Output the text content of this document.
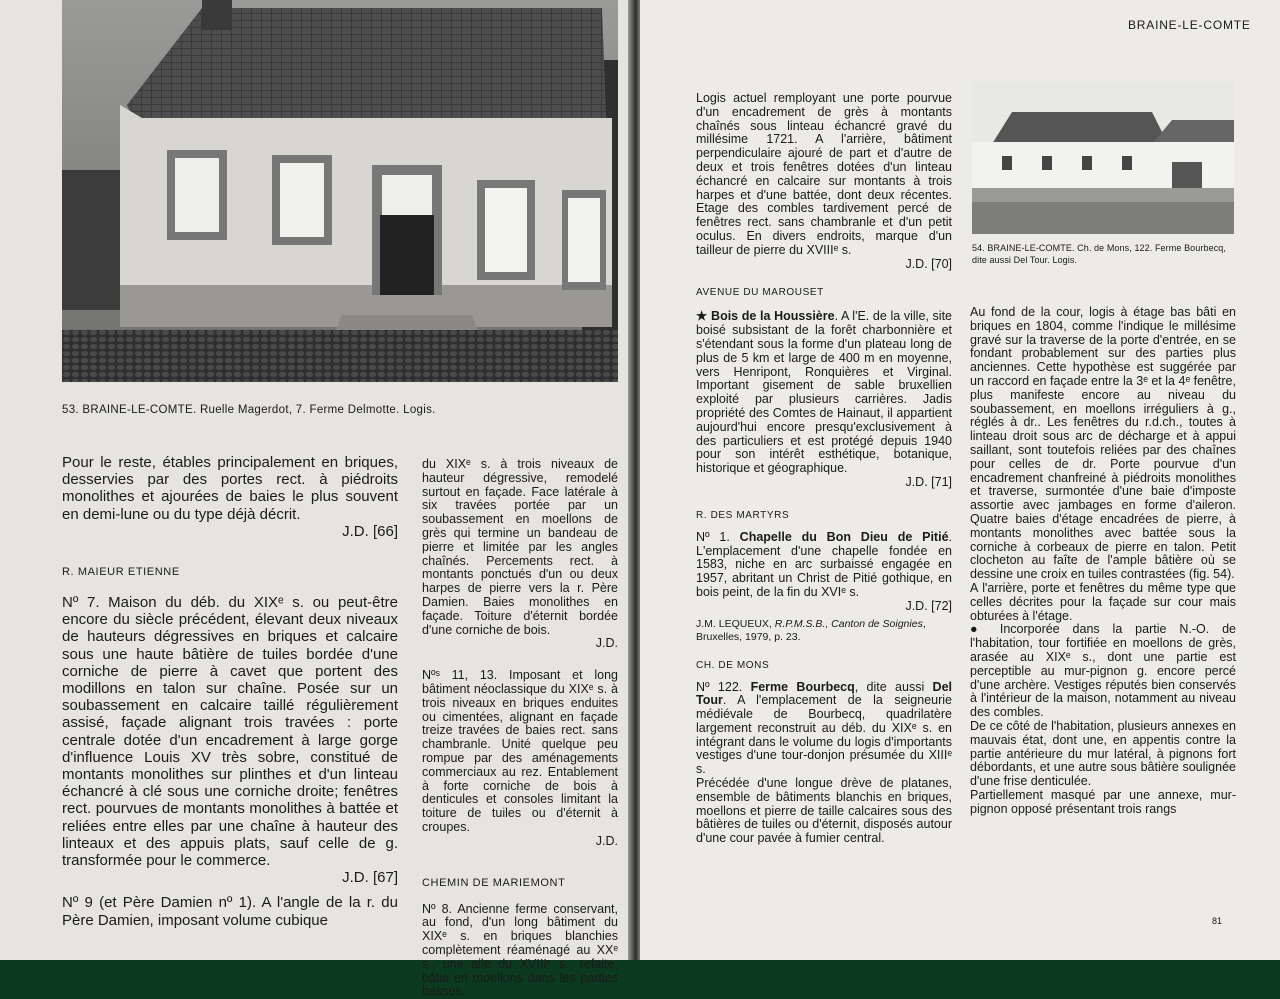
53. BRAINE-LE-COMTE. Ruelle Magerdot, 7. Ferme Delmotte. Logis.
Pour le reste, étables principalement en briques, desservies par des portes rect. à piédroits monolithes et ajourées de baies le plus souvent en demi-lune ou du type déjà décrit.
J.D. [66]
R. MAIEUR ETIENNE
Nº 7. Maison du déb. du XIXᵉ s. ou peut-être encore du siècle précédent, élevant deux niveaux de hauteurs dégressives en briques et calcaire sous une haute bâtière de tuiles bordée d'une corniche de pierre à cavet que portent des modillons en talon sur chaîne. Posée sur un soubassement en calcaire taillé régulièrement assisé, façade alignant trois travées : porte centrale dotée d'un encadrement à large gorge d'influence Louis XV très sobre, constitué de montants monolithes sur plinthes et d'un linteau échancré à clé sous une corniche droite; fenêtres rect. pourvues de montants monolithes à battée et reliées entre elles par une chaîne à hauteur des linteaux et des appuis plats, sauf celle de g. transformée pour le commerce.
J.D. [67]
Nº 9 (et Père Damien nº 1). A l'angle de la r. du Père Damien, imposant volume cubique
du XIXᵉ s. à trois niveaux de hauteur dégressive, remodelé surtout en façade. Face latérale à six travées portée par un soubassement en moellons de grès qui termine un bandeau de pierre et limitée par les angles chaînés. Percements rect. à montants ponctués d'un ou deux harpes de pierre vers la r. Père Damien. Baies monolithes en façade. Toiture d'éternit bordée d'une corniche de bois.
J.D.
Nºˢ 11, 13. Imposant et long bâtiment néoclassique du XIXᵉ s. à trois niveaux en briques enduites ou cimentées, alignant en façade treize travées de baies rect. sans chambranle. Unité quelque peu rompue par des aménagements commerciaux au rez. Entablement à forte corniche de bois à denticules et consoles limitant la toiture de tuiles ou d'éternit à croupes.
J.D.
CHEMIN DE MARIEMONT
Nº 8. Ancienne ferme conservant, au fond, d'un long bâtiment du XIXᵉ s. en briques blanchies complètement réaménagé au XXᵉ s., une aile du XVIIIᵉ s., refaite, bâtie en moellons dans les parties basses.
BRAINE-LE-COMTE
54. BRAINE-LE-COMTE. Ch. de Mons, 122. Ferme Bourbecq, dite aussi Del Tour. Logis.
Logis actuel remployant une porte pourvue d'un encadrement de grès à montants chaînés sous linteau échancré gravé du millésime 1721. A l'arrière, bâtiment perpendiculaire ajouré de part et d'autre de deux et trois fenêtres dotées d'un linteau échancré en calcaire sur montants à trois harpes et d'une battée, dont deux récentes. Etage des combles tardivement percé de fenêtres rect. sans chambranle et d'un petit oculus. En divers endroits, marque d'un tailleur de pierre du XVIIIᵉ s.
J.D. [70]
AVENUE DU MAROUSET
★ Bois de la Houssière. A l'E. de la ville, site boisé subsistant de la forêt charbonnière et s'étendant sous la forme d'un plateau long de plus de 5 km et large de 400 m en moyenne, vers Henripont, Ronquières et Virginal. Important gisement de sable bruxellien exploité par plusieurs carrières. Jadis propriété des Comtes de Hainaut, il appartient aujourd'hui encore presqu'exclusivement à des particuliers et est protégé depuis 1940 pour son intérêt esthétique, botanique, historique et géographique.
J.D. [71]
R. DES MARTYRS
Nº 1. Chapelle du Bon Dieu de Pitié. L'emplacement d'une chapelle fondée en 1583, niche en arc surbaissé engagée en 1957, abritant un Christ de Pitié gothique, en bois peint, de la fin du XVIᵉ s.
J.D. [72]
J.M. LEQUEUX, R.P.M.S.B., Canton de Soignies, Bruxelles, 1979, p. 23.
CH. DE MONS
Nº 122. Ferme Bourbecq, dite aussi Del Tour. A l'emplacement de la seigneurie médiévale de Bourbecq, quadrilatère largement reconstruit au déb. du XIXᵉ s. en intégrant dans le volume du logis d'importants vestiges d'une tour-donjon présumée du XIIIᵉ s.
Précédée d'une longue drève de platanes, ensemble de bâtiments blanchis en briques, moellons et pierre de taille calcaires sous des bâtières de tuiles ou d'éternit, disposés autour d'une cour pavée à fumier central.
Au fond de la cour, logis à étage bas bâti en briques en 1804, comme l'indique le millésime gravé sur la traverse de la porte d'entrée, en se fondant probablement sur des parties plus anciennes. Cette hypothèse est suggérée par un raccord en façade entre la 3ᵉ et la 4ᵉ fenêtre, plus manifeste encore au niveau du soubassement, en moellons irréguliers à g., réglés à dr.. Les fenêtres du r.d.ch., toutes à linteau droit sous arc de décharge et à appui saillant, sont toutefois reliées par des chaînes pour celles de dr. Porte pourvue d'un encadrement chanfreiné à piédroits monolithes et traverse, surmontée d'une baie d'imposte assortie avec jambages en forme d'aileron. Quatre baies d'étage encadrées de pierre, à montants monolithes avec battée sous la corniche à corbeaux de pierre en talon. Petit clocheton au faîte de l'ample bâtière où se dessine une croix en tuiles contrastées (fig. 54).
A l'arrière, porte et fenêtres du même type que celles décrites pour la façade sur cour mais obturées à l'étage.
● Incorporée dans la partie N.-O. de l'habitation, tour fortifiée en moellons de grès, arasée au XIXᵉ s., dont une partie est perceptible au mur-pignon g. encore percé d'une archère. Vestiges réputés bien conservés à l'intérieur de la maison, notamment au niveau des combles.
De ce côté de l'habitation, plusieurs annexes en mauvais état, dont une, en appentis contre la partie antérieure du mur latéral, à pignons fort débordants, et une autre sous bâtière soulignée d'une frise denticulée.
Partiellement masqué par une annexe, mur-pignon opposé présentant trois rangs
81
